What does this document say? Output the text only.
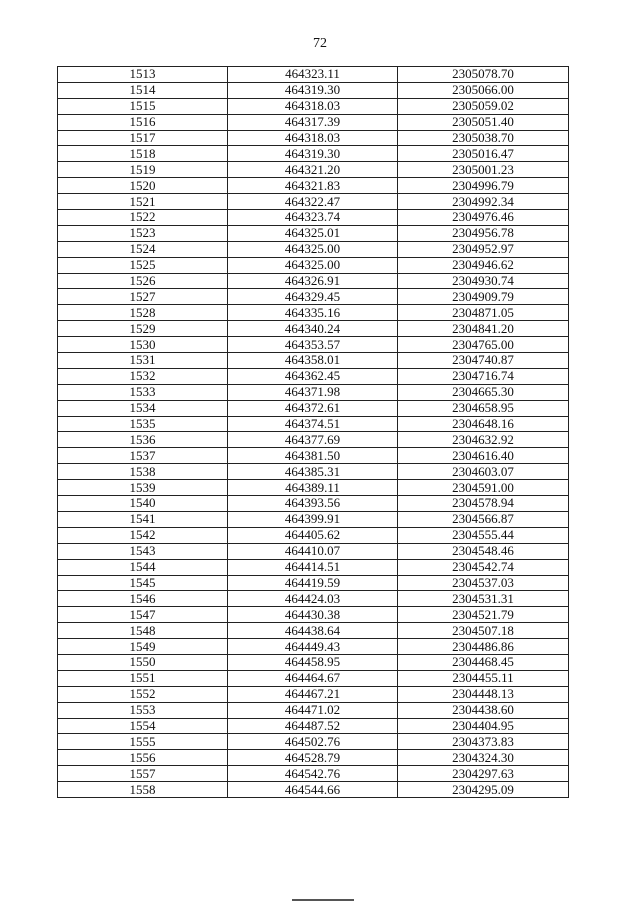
72
1513	464323.11	2305078.70
1514	464319.30	2305066.00
1515	464318.03	2305059.02
1516	464317.39	2305051.40
1517	464318.03	2305038.70
1518	464319.30	2305016.47
1519	464321.20	2305001.23
1520	464321.83	2304996.79
1521	464322.47	2304992.34
1522	464323.74	2304976.46
1523	464325.01	2304956.78
1524	464325.00	2304952.97
1525	464325.00	2304946.62
1526	464326.91	2304930.74
1527	464329.45	2304909.79
1528	464335.16	2304871.05
1529	464340.24	2304841.20
1530	464353.57	2304765.00
1531	464358.01	2304740.87
1532	464362.45	2304716.74
1533	464371.98	2304665.30
1534	464372.61	2304658.95
1535	464374.51	2304648.16
1536	464377.69	2304632.92
1537	464381.50	2304616.40
1538	464385.31	2304603.07
1539	464389.11	2304591.00
1540	464393.56	2304578.94
1541	464399.91	2304566.87
1542	464405.62	2304555.44
1543	464410.07	2304548.46
1544	464414.51	2304542.74
1545	464419.59	2304537.03
1546	464424.03	2304531.31
1547	464430.38	2304521.79
1548	464438.64	2304507.18
1549	464449.43	2304486.86
1550	464458.95	2304468.45
1551	464464.67	2304455.11
1552	464467.21	2304448.13
1553	464471.02	2304438.60
1554	464487.52	2304404.95
1555	464502.76	2304373.83
1556	464528.79	2304324.30
1557	464542.76	2304297.63
1558	464544.66	2304295.09
